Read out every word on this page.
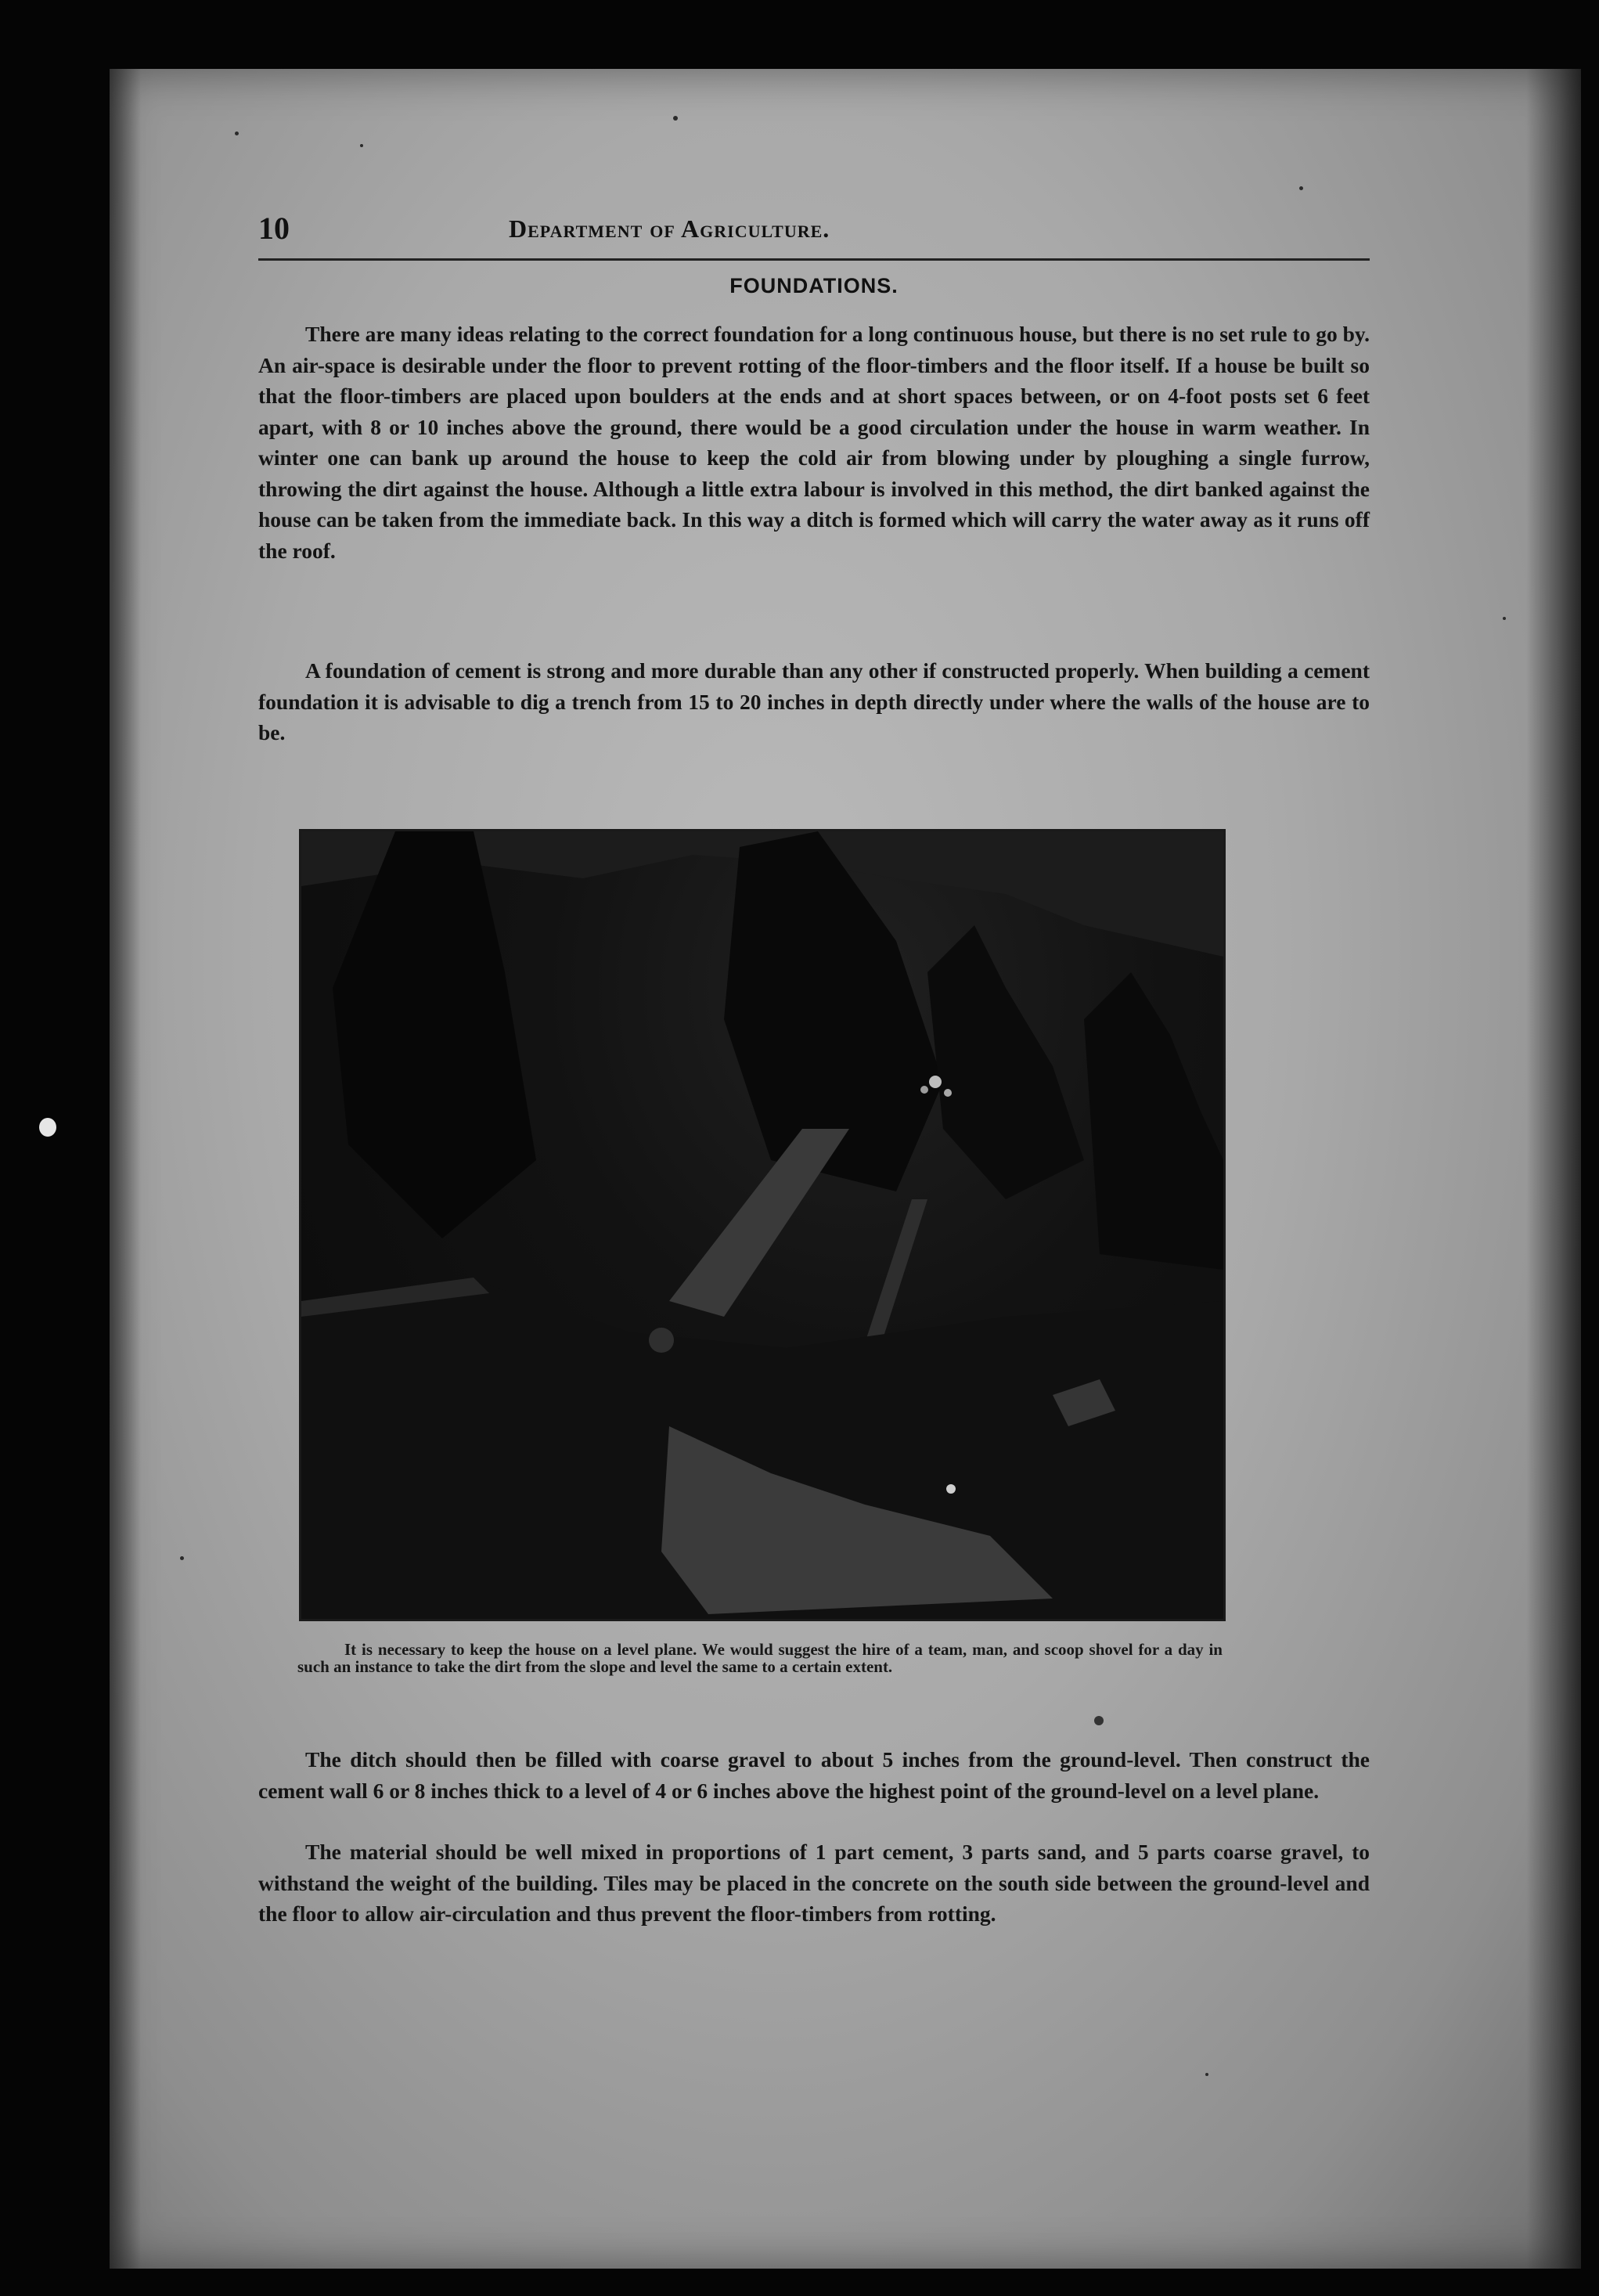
10	Department of Agriculture.
FOUNDATIONS.

There are many ideas relating to the correct foundation for a long continuous house, but there is no set rule to go by. An air-space is desirable under the floor to prevent rotting of the floor-timbers and the floor itself. If a house be built so that the floor-timbers are placed upon boulders at the ends and at short spaces between, or on 4-foot posts set 6 feet apart, with 8 or 10 inches above the ground, there would be a good circulation under the house in warm weather. In winter one can bank up around the house to keep the cold air from blowing under by ploughing a single furrow, throwing the dirt against the house. Although a little extra labour is involved in this method, the dirt banked against the house can be taken from the immediate back. In this way a ditch is formed which will carry the water away as it runs off the roof.

A foundation of cement is strong and more durable than any other if constructed properly. When building a cement foundation it is advisable to dig a trench from 15 to 20 inches in depth directly under where the walls of the house are to be.

It is necessary to keep the house on a level plane. We would suggest the hire of a team, man, and scoop shovel for a day in such an instance to take the dirt from the slope and level the same to a certain extent.

The ditch should then be filled with coarse gravel to about 5 inches from the ground-level. Then construct the cement wall 6 or 8 inches thick to a level of 4 or 6 inches above the highest point of the ground-level on a level plane.

The material should be well mixed in proportions of 1 part cement, 3 parts sand, and 5 parts coarse gravel, to withstand the weight of the building. Tiles may be placed in the concrete on the south side between the ground-level and the floor to allow air-circulation and thus prevent the floor-timbers from rotting.
